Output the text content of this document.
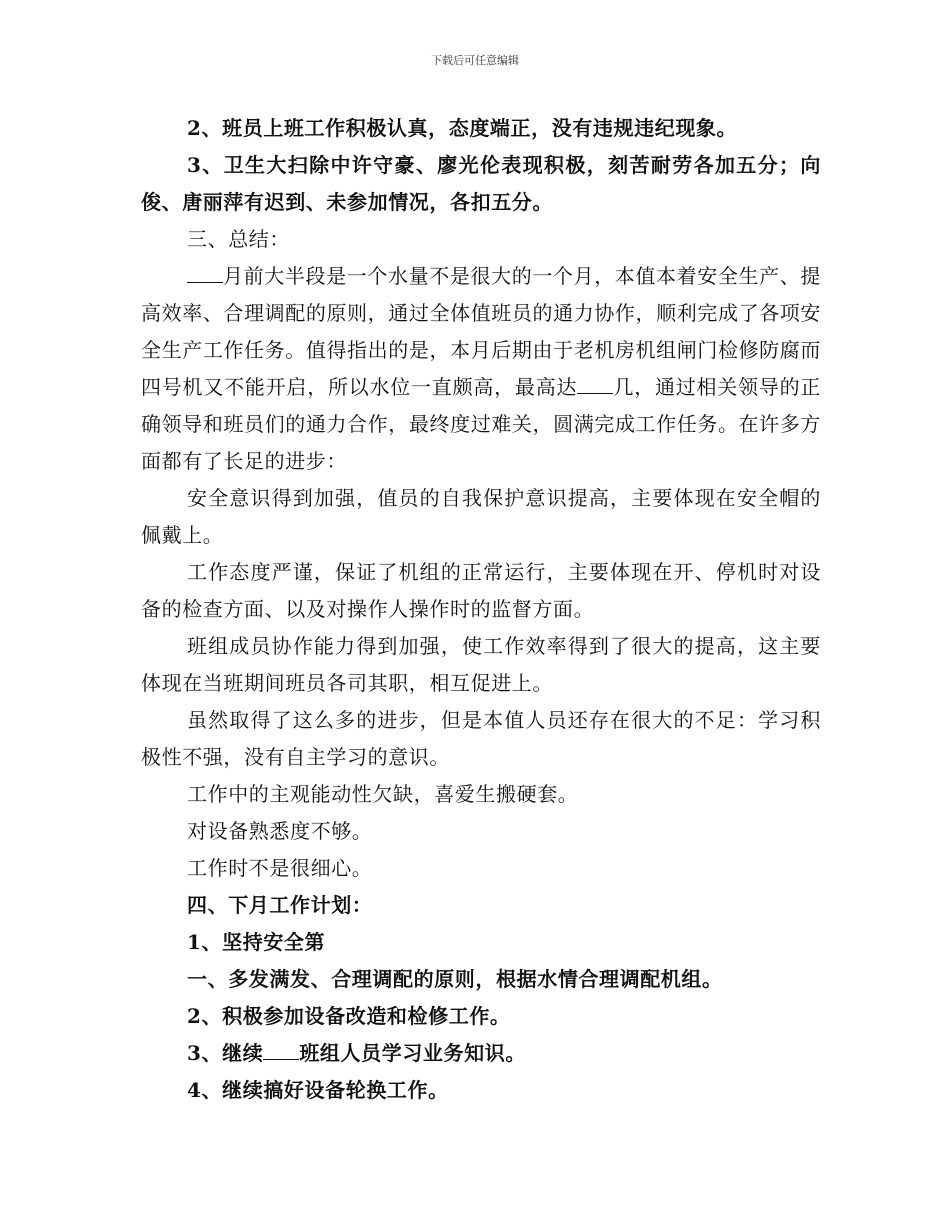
下载后可任意编辑

2、班员上班工作积极认真，态度端正，没有违规违纪现象。

3、卫生大扫除中许守豪、廖光伦表现积极，刻苦耐劳各加五分；向俊、唐丽萍有迟到、未参加情况，各扣五分。

三、总结：

月前大半段是一个水量不是很大的一个月，本值本着安全生产、提高效率、合理调配的原则，通过全体值班员的通力协作，顺利完成了各项安全生产工作任务。值得指出的是，本月后期由于老机房机组闸门检修防腐而四号机又不能开启，所以水位一直颇高，最高达 几，通过相关领导的正确领导和班员们的通力合作，最终度过难关，圆满完成工作任务。在许多方面都有了长足的进步：

安全意识得到加强，值员的自我保护意识提高，主要体现在安全帽的佩戴上。

工作态度严谨，保证了机组的正常运行，主要体现在开、停机时对设备的检查方面、以及对操作人操作时的监督方面。

班组成员协作能力得到加强，使工作效率得到了很大的提高，这主要体现在当班期间班员各司其职，相互促进上。

虽然取得了这么多的进步，但是本值人员还存在很大的不足：学习积极性不强，没有自主学习的意识。

工作中的主观能动性欠缺，喜爱生搬硬套。

对设备熟悉度不够。

工作时不是很细心。

四、下月工作计划：

1、坚持安全第

一、多发满发、合理调配的原则，根据水情合理调配机组。

2、积极参加设备改造和检修工作。

3、继续 班组人员学习业务知识。

4、继续搞好设备轮换工作。
